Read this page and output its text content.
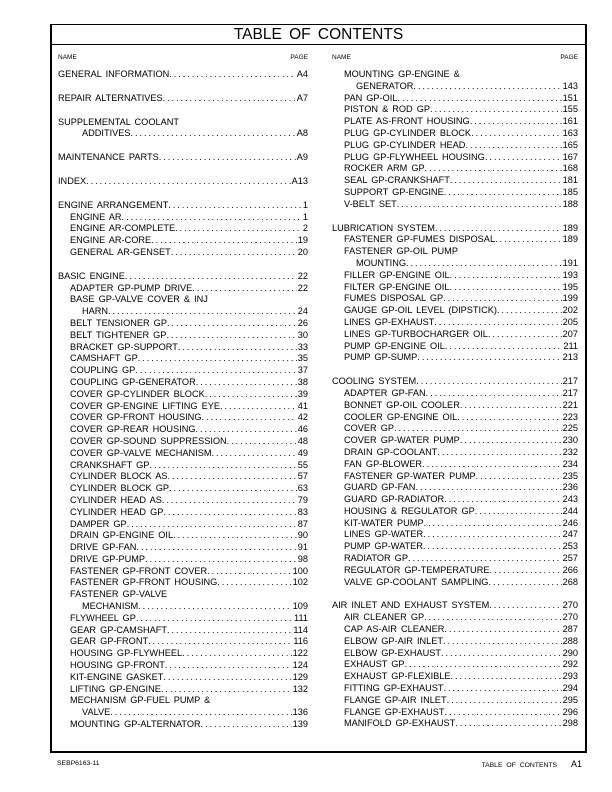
TABLE OF CONTENTS
NAME	PAGE
GENERAL INFORMATION . . .	A4
REPAIR ALTERNATIVES . . .	A7
SUPPLEMENTAL COOLANT
ADDITIVES . . .	A8
MAINTENANCE PARTS . . .	A9
INDEX . . .	A13
ENGINE ARRANGEMENT . . .	1
ENGINE AR . . .	1
ENGINE AR-COMPLETE . . .	2
ENGINE AR-CORE . . .	19
GENERAL AR-GENSET . . .	20
BASIC ENGINE . . .	22
ADAPTER GP-PUMP DRIVE . . .	22
BASE GP-VALVE COVER & INJ
HARN . . .	24
BELT TENSIONER GP . . .	26
BELT TIGHTENER GP . . .	30
BRACKET GP-SUPPORT . . .	33
CAMSHAFT GP . . .	35
COUPLING GP . . .	37
COUPLING GP-GENERATOR . . .	38
COVER GP-CYLINDER BLOCK . . .	39
COVER GP-ENGINE LIFTING EYE . . .	41
COVER GP-FRONT HOUSING . . .	42
COVER GP-REAR HOUSING . . .	46
COVER GP-SOUND SUPPRESSION . . .	48
COVER GP-VALVE MECHANISM . . .	49
CRANKSHAFT GP . . .	55
CYLINDER BLOCK AS . . .	57
CYLINDER BLOCK GP . . .	63
CYLINDER HEAD AS . . .	79
CYLINDER HEAD GP . . .	83
DAMPER GP . . .	87
DRAIN GP-ENGINE OIL . . .	90
DRIVE GP-FAN . . .	91
DRIVE GP-PUMP . . .	98
FASTENER GP-FRONT COVER . . .	100
FASTENER GP-FRONT HOUSING . . .	102
FASTENER GP-VALVE
MECHANISM . . .	109
FLYWHEEL GP . . .	111
GEAR GP-CAMSHAFT . . .	114
GEAR GP-FRONT . . .	116
HOUSING GP-FLYWHEEL . . .	122
HOUSING GP-FRONT . . .	124
KIT-ENGINE GASKET . . .	129
LIFTING GP-ENGINE . . .	132
MECHANISM GP-FUEL PUMP &
VALVE . . .	136
MOUNTING GP-ALTERNATOR . . .	139
NAME	PAGE
MOUNTING GP-ENGINE &
GENERATOR . . .	143
PAN GP-OIL . . .	151
PISTON & ROD GP . . .	155
PLATE AS-FRONT HOUSING . . .	161
PLUG GP-CYLINDER BLOCK . . .	163
PLUG GP-CYLINDER HEAD . . .	165
PLUG GP-FLYWHEEL HOUSING . . .	167
ROCKER ARM GP . . .	168
SEAL GP-CRANKSHAFT . . .	181
SUPPORT GP-ENGINE . . .	185
V-BELT SET . . .	188
LUBRICATION SYSTEM . . .	189
FASTENER GP-FUMES DISPOSAL . . .	189
FASTENER GP-OIL PUMP
MOUNTING . . .	191
FILLER GP-ENGINE OIL . . .	193
FILTER GP-ENGINE OIL . . .	195
FUMES DISPOSAL GP . . .	199
GAUGE GP-OIL LEVEL (DIPSTICK) . . .	202
LINES GP-EXHAUST . . .	205
LINES GP-TURBOCHARGER OIL . . .	207
PUMP GP-ENGINE OIL . . .	211
PUMP GP-SUMP . . .	213
COOLING SYSTEM . . .	217
ADAPTER GP-FAN . . .	217
BONNET GP-OIL COOLER . . .	221
COOLER GP-ENGINE OIL . . .	223
COVER GP . . .	225
COVER GP-WATER PUMP . . .	230
DRAIN GP-COOLANT . . .	232
FAN GP-BLOWER . . .	234
FASTENER GP-WATER PUMP . . .	235
GUARD GP-FAN . . .	236
GUARD GP-RADIATOR . . .	243
HOUSING & REGULATOR GP . . .	244
KIT-WATER PUMP . . .	246
LINES GP-WATER . . .	247
PUMP GP-WATER . . .	253
RADIATOR GP . . .	257
REGULATOR GP-TEMPERATURE . . .	266
VALVE GP-COOLANT SAMPLING . . .	268
AIR INLET AND EXHAUST SYSTEM . . .	270
AIR CLEANER GP . . .	270
CAP AS-AIR CLEANER . . .	287
ELBOW GP-AIR INLET . . .	288
ELBOW GP-EXHAUST . . .	290
EXHAUST GP . . .	292
EXHAUST GP-FLEXIBLE . . .	293
FITTING GP-EXHAUST . . .	294
FLANGE GP-AIR INLET . . .	295
FLANGE GP-EXHAUST . . .	296
MANIFOLD GP-EXHAUST . . .	298
SEBP6163-11	TABLE OF CONTENTS A1
